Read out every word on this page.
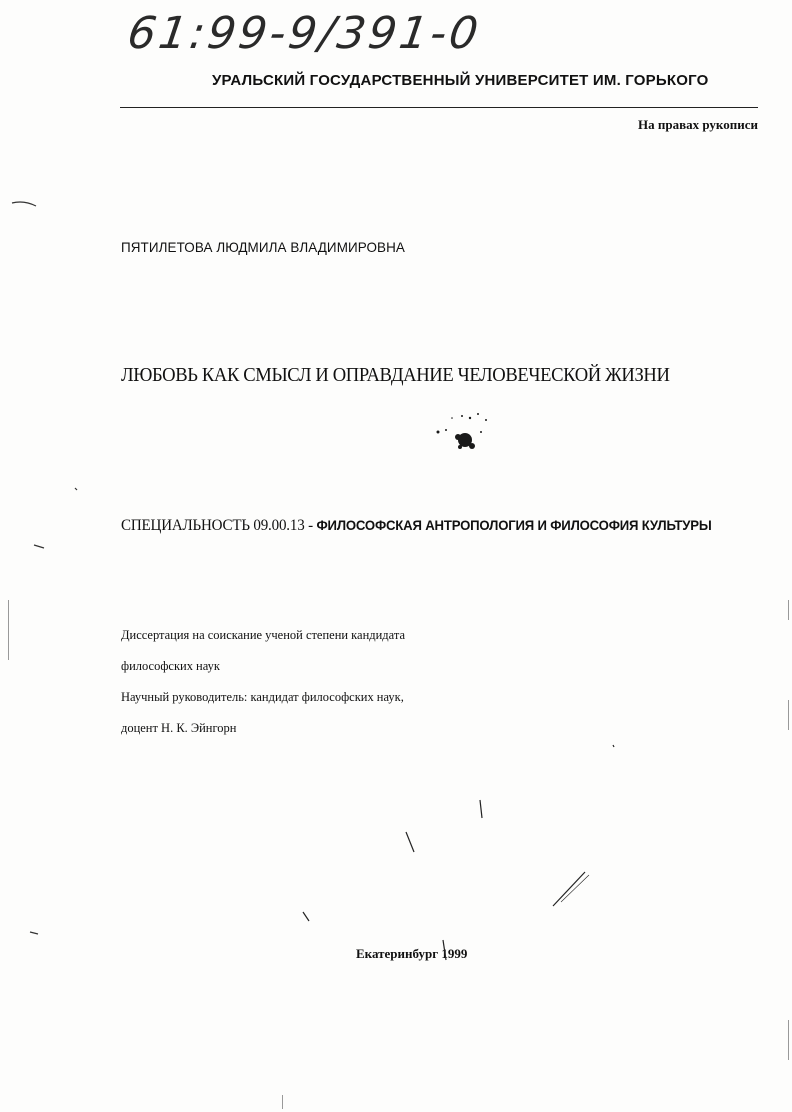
61:99-9/391-0
УРАЛЬСКИЙ ГОСУДАРСТВЕННЫЙ УНИВЕРСИТЕТ ИМ. ГОРЬКОГО
На правах рукописи
ПЯТИЛЕТОВА ЛЮДМИЛА ВЛАДИМИРОВНА
ЛЮБОВЬ КАК СМЫСЛ И ОПРАВДАНИЕ ЧЕЛОВЕЧЕСКОЙ ЖИЗНИ
СПЕЦИАЛЬНОСТЬ 09.00.13 - ФИЛОСОФСКАЯ АНТРОПОЛОГИЯ И ФИЛОСОФИЯ КУЛЬТУРЫ
Диссертация на соискание ученой степени кандидата
философских наук
Научный руководитель: кандидат философских наук,
доцент Н. К. Эйнгорн
Екатеринбург 1999
